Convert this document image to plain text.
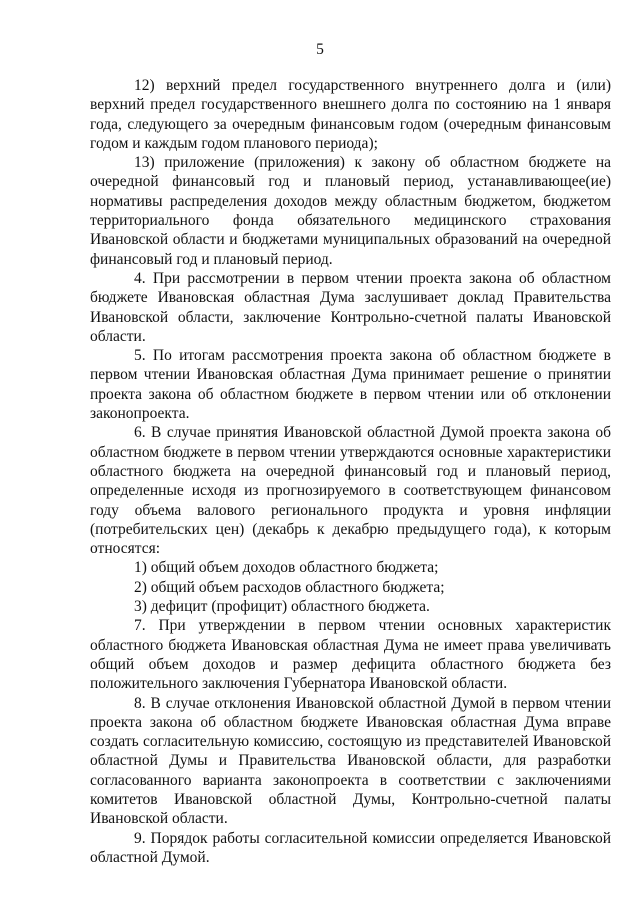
5

12) верхний предел государственного внутреннего долга и (или) верхний предел государственного внешнего долга по состоянию на 1 января года, следующего за очередным финансовым годом (очередным финансовым годом и каждым годом планового периода);

13) приложение (приложения) к закону об областном бюджете на очередной финансовый год и плановый период, устанавливающее(ие) нормативы распределения доходов между областным бюджетом, бюджетом территориального фонда обязательного медицинского страхования Ивановской области и бюджетами муниципальных образований на очередной финансовый год и плановый период.

4. При рассмотрении в первом чтении проекта закона об областном бюджете Ивановская областная Дума заслушивает доклад Правительства Ивановской области, заключение Контрольно-счетной палаты Ивановской области.

5. По итогам рассмотрения проекта закона об областном бюджете в первом чтении Ивановская областная Дума принимает решение о принятии проекта закона об областном бюджете в первом чтении или об отклонении законопроекта.

6. В случае принятия Ивановской областной Думой проекта закона об областном бюджете в первом чтении утверждаются основные характеристики областного бюджета на очередной финансовый год и плановый период, определенные исходя из прогнозируемого в соответствующем финансовом году объема валового регионального продукта и уровня инфляции (потребительских цен) (декабрь к декабрю предыдущего года), к которым относятся:

1) общий объем доходов областного бюджета;

2) общий объем расходов областного бюджета;

3) дефицит (профицит) областного бюджета.

7. При утверждении в первом чтении основных характеристик областного бюджета Ивановская областная Дума не имеет права увеличивать общий объем доходов и размер дефицита областного бюджета без положительного заключения Губернатора Ивановской области.

8. В случае отклонения Ивановской областной Думой в первом чтении проекта закона об областном бюджете Ивановская областная Дума вправе создать согласительную комиссию, состоящую из представителей Ивановской областной Думы и Правительства Ивановской области, для разработки согласованного варианта законопроекта в соответствии с заключениями комитетов Ивановской областной Думы, Контрольно-счетной палаты Ивановской области.

9. Порядок работы согласительной комиссии определяется Ивановской областной Думой.
